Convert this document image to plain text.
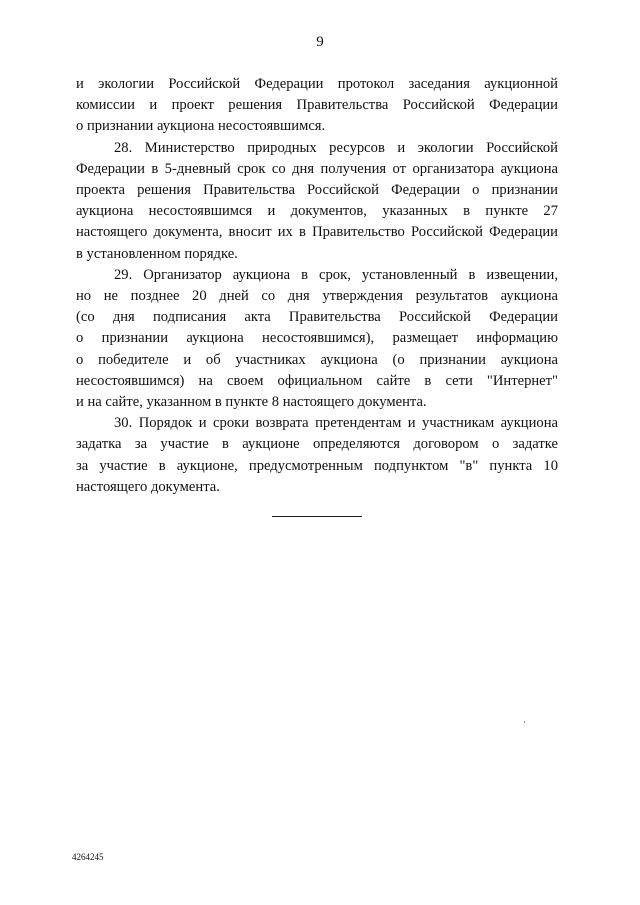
9

и экологии Российской Федерации протокол заседания аукционной
комиссии и проект решения Правительства Российской Федерации
о признании аукциона несостоявшимся.

28. Министерство природных ресурсов и экологии Российской
Федерации в 5-дневный срок со дня получения от организатора аукциона
проекта решения Правительства Российской Федерации о признании
аукциона несостоявшимся и документов, указанных в пункте 27
настоящего документа, вносит их в Правительство Российской Федерации
в установленном порядке.

29. Организатор аукциона в срок, установленный в извещении,
но не позднее 20 дней со дня утверждения результатов аукциона
(со дня подписания акта Правительства Российской Федерации
о признании аукциона несостоявшимся), размещает информацию
о победителе и об участниках аукциона (о признании аукциона
несостоявшимся) на своем официальном сайте в сети "Интернет"
и на сайте, указанном в пункте 8 настоящего документа.

30. Порядок и сроки возврата претендентам и участникам аукциона
задатка за участие в аукционе определяются договором о задатке
за участие в аукционе, предусмотренным подпунктом "в" пункта 10
настоящего документа.

4264245
